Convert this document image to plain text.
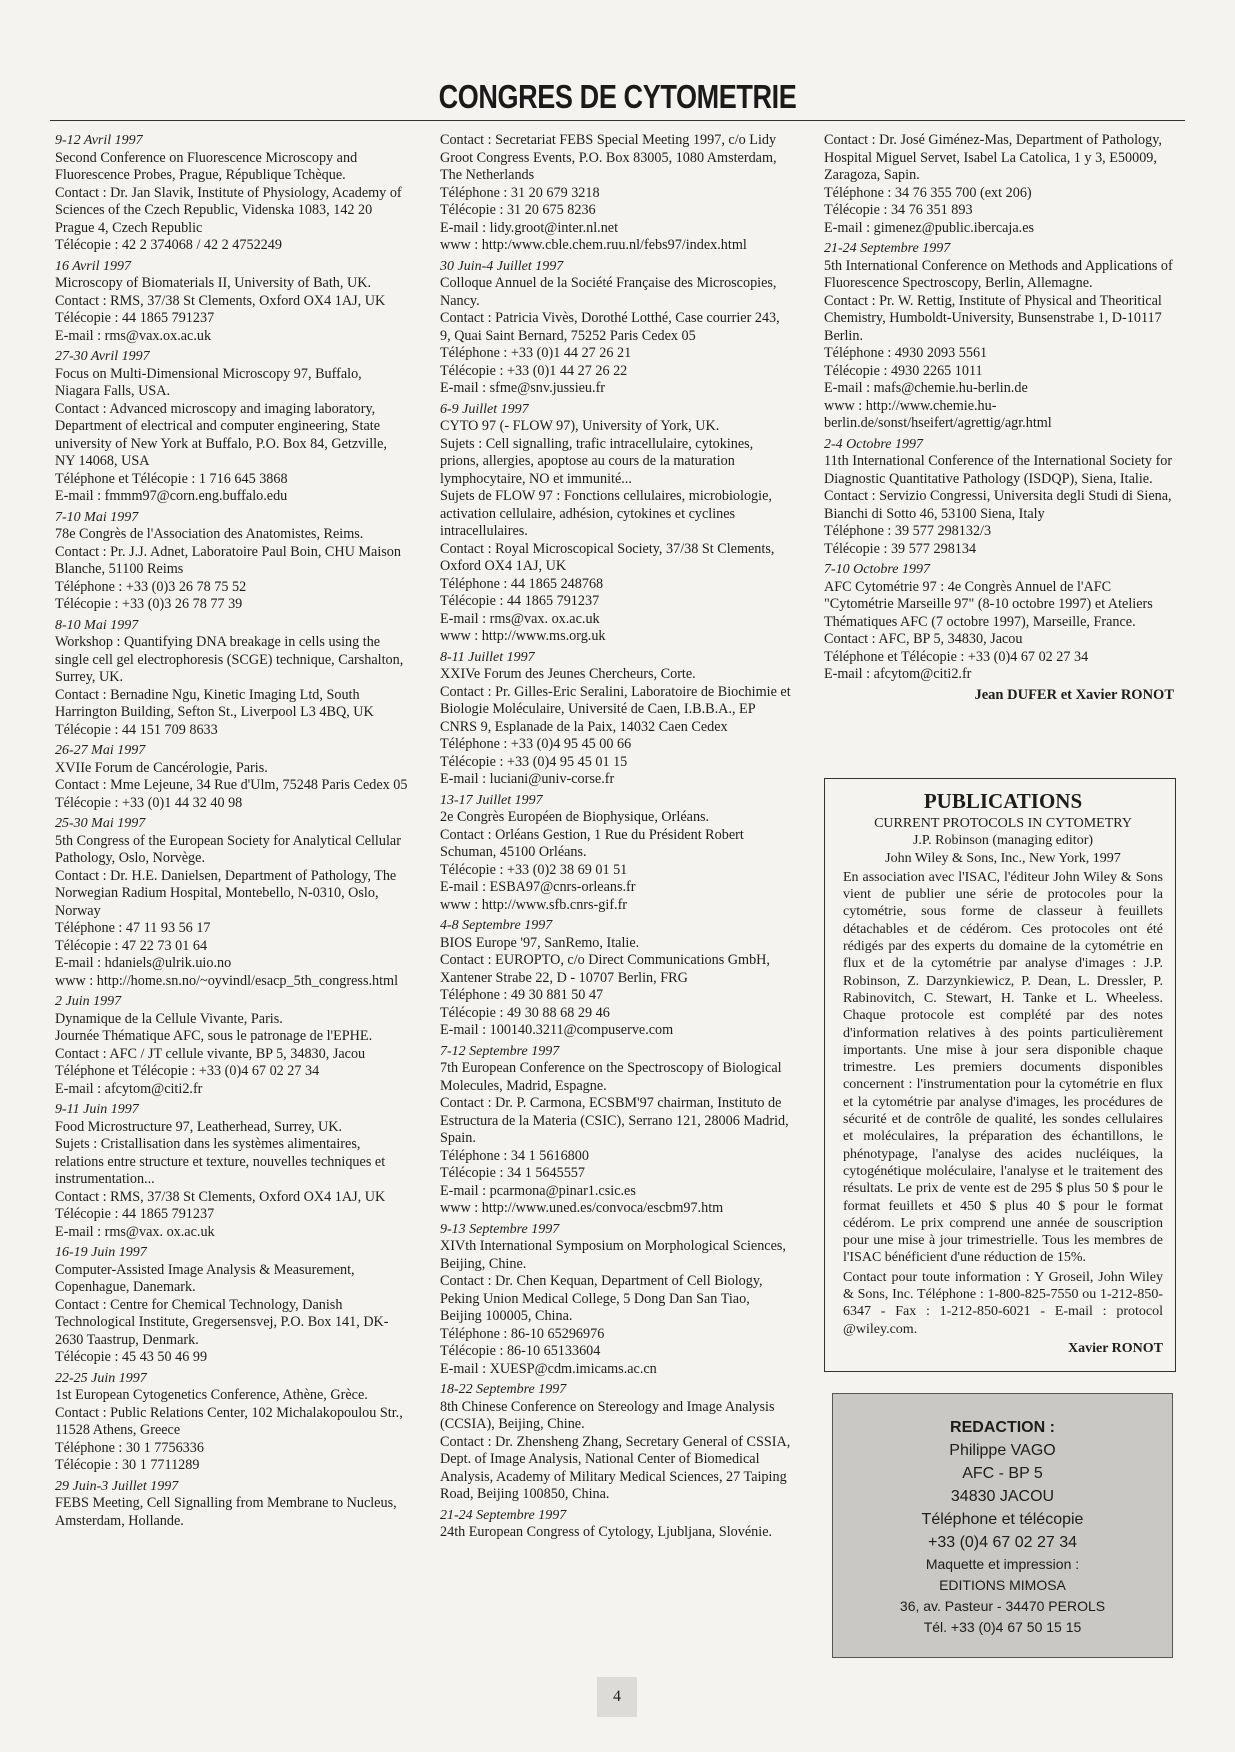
CONGRES DE CYTOMETRIE
9-12 Avril 1997
Second Conference on Fluorescence Microscopy and Fluorescence Probes, Prague, République Tchèque.
Contact : Dr. Jan Slavik, Institute of Physiology, Academy of Sciences of the Czech Republic, Videnska 1083, 142 20 Prague 4, Czech Republic
Télécopie : 42 2 374068 / 42 2 4752249
16 Avril 1997
Microscopy of Biomaterials II, University of Bath, UK.
Contact : RMS, 37/38 St Clements, Oxford OX4 1AJ, UK
Télécopie : 44 1865 791237
E-mail : rms@vax.ox.ac.uk
27-30 Avril 1997
Focus on Multi-Dimensional Microscopy 97, Buffalo, Niagara Falls, USA.
Contact : Advanced microscopy and imaging laboratory, Department of electrical and computer engineering, State university of New York at Buffalo, P.O. Box 84, Getzville, NY 14068, USA
Téléphone et Télécopie : 1 716 645 3868
E-mail : fmmm97@corn.eng.buffalo.edu
7-10 Mai 1997
78e Congrès de l'Association des Anatomistes, Reims.
Contact : Pr. J.J. Adnet, Laboratoire Paul Boin, CHU Maison Blanche, 51100 Reims
Téléphone : +33 (0)3 26 78 75 52
Télécopie : +33 (0)3 26 78 77 39
8-10 Mai 1997
Workshop : Quantifying DNA breakage in cells using the single cell gel electrophoresis (SCGE) technique, Carshalton, Surrey, UK.
Contact : Bernadine Ngu, Kinetic Imaging Ltd, South Harrington Building, Sefton St., Liverpool L3 4BQ, UK
Télécopie : 44 151 709 8633
26-27 Mai 1997
XVIIe Forum de Cancérologie, Paris.
Contact : Mme Lejeune, 34 Rue d'Ulm, 75248 Paris Cedex 05
Télécopie : +33 (0)1 44 32 40 98
25-30 Mai 1997
5th Congress of the European Society for Analytical Cellular Pathology, Oslo, Norvège.
Contact : Dr. H.E. Danielsen, Department of Pathology, The Norwegian Radium Hospital, Montebello, N-0310, Oslo, Norway
Téléphone : 47 11 93 56 17
Télécopie : 47 22 73 01 64
E-mail : hdaniels@ulrik.uio.no
www : http://home.sn.no/~oyvindl/esacp_5th_congress.html
2 Juin 1997
Dynamique de la Cellule Vivante, Paris.
Journée Thématique AFC, sous le patronage de l'EPHE.
Contact : AFC / JT cellule vivante, BP 5, 34830, Jacou
Téléphone et Télécopie : +33 (0)4 67 02 27 34
E-mail : afcytom@citi2.fr
9-11 Juin 1997
Food Microstructure 97, Leatherhead, Surrey, UK.
Sujets : Cristallisation dans les systèmes alimentaires, relations entre structure et texture, nouvelles techniques et instrumentation...
Contact : RMS, 37/38 St Clements, Oxford OX4 1AJ, UK
Télécopie : 44 1865 791237
E-mail : rms@vax. ox.ac.uk
16-19 Juin 1997
Computer-Assisted Image Analysis & Measurement, Copenhague, Danemark.
Contact : Centre for Chemical Technology, Danish Technological Institute, Gregersensvej, P.O. Box 141, DK-2630 Taastrup, Denmark.
Télécopie : 45 43 50 46 99
22-25 Juin 1997
1st European Cytogenetics Conference, Athène, Grèce.
Contact : Public Relations Center, 102 Michalakopoulou Str., 11528 Athens, Greece
Téléphone : 30 1 7756336
Télécopie : 30 1 7711289
29 Juin-3 Juillet 1997
FEBS Meeting, Cell Signalling from Membrane to Nucleus, Amsterdam, Hollande.
Contact : Secretariat FEBS Special Meeting 1997, c/o Lidy Groot Congress Events, P.O. Box 83005, 1080 Amsterdam, The Netherlands
Téléphone : 31 20 679 3218
Télécopie : 31 20 675 8236
E-mail : lidy.groot@inter.nl.net
www : http:/www.cble.chem.ruu.nl/febs97/index.html
30 Juin-4 Juillet 1997
Colloque Annuel de la Société Française des Microscopies, Nancy.
Contact : Patricia Vivès, Dorothé Lotthé, Case courrier 243, 9, Quai Saint Bernard, 75252 Paris Cedex 05
Téléphone : +33 (0)1 44 27 26 21
Télécopie : +33 (0)1 44 27 26 22
E-mail : sfme@snv.jussieu.fr
6-9 Juillet 1997
CYTO 97 (- FLOW 97), University of York, UK.
Sujets : Cell signalling, trafic intracellulaire, cytokines, prions, allergies, apoptose au cours de la maturation lymphocytaire, NO et immunité...
Sujets de FLOW 97 : Fonctions cellulaires, microbiologie, activation cellulaire, adhésion, cytokines et cyclines intracellulaires.
Contact : Royal Microscopical Society, 37/38 St Clements, Oxford OX4 1AJ, UK
Téléphone : 44 1865 248768
Télécopie : 44 1865 791237
E-mail : rms@vax. ox.ac.uk
www : http://www.ms.org.uk
8-11 Juillet 1997
XXIVe Forum des Jeunes Chercheurs, Corte.
Contact : Pr. Gilles-Eric Seralini, Laboratoire de Biochimie et Biologie Moléculaire, Université de Caen, I.B.B.A., EP CNRS 9, Esplanade de la Paix, 14032 Caen Cedex
Téléphone : +33 (0)4 95 45 00 66
Télécopie : +33 (0)4 95 45 01 15
E-mail : luciani@univ-corse.fr
13-17 Juillet 1997
2e Congrès Européen de Biophysique, Orléans.
Contact : Orléans Gestion, 1 Rue du Président Robert Schuman, 45100 Orléans.
Télécopie : +33 (0)2 38 69 01 51
E-mail : ESBA97@cnrs-orleans.fr
www : http://www.sfb.cnrs-gif.fr
4-8 Septembre 1997
BIOS Europe '97, SanRemo, Italie.
Contact : EUROPTO, c/o Direct Communications GmbH, Xantener Strabe 22, D - 10707 Berlin, FRG
Téléphone : 49 30 881 50 47
Télécopie : 49 30 88 68 29 46
E-mail : 100140.3211@compuserve.com
7-12 Septembre 1997
7th European Conference on the Spectroscopy of Biological Molecules, Madrid, Espagne.
Contact : Dr. P. Carmona, ECSBM'97 chairman, Instituto de Estructura de la Materia (CSIC), Serrano 121, 28006 Madrid, Spain.
Téléphone : 34 1 5616800
Télécopie : 34 1 5645557
E-mail : pcarmona@pinar1.csic.es
www : http://www.uned.es/convoca/escbm97.htm
9-13 Septembre 1997
XIVth International Symposium on Morphological Sciences, Beijing, Chine.
Contact : Dr. Chen Kequan, Department of Cell Biology, Peking Union Medical College, 5 Dong Dan San Tiao, Beijing 100005, China.
Téléphone : 86-10 65296976
Télécopie : 86-10 65133604
E-mail : XUESP@cdm.imicams.ac.cn
18-22 Septembre 1997
8th Chinese Conference on Stereology and Image Analysis (CCSIA), Beijing, Chine.
Contact : Dr. Zhensheng Zhang, Secretary General of CSSIA, Dept. of Image Analysis, National Center of Biomedical Analysis, Academy of Military Medical Sciences, 27 Taiping Road, Beijing 100850, China.
21-24 Septembre 1997
24th European Congress of Cytology, Ljubljana, Slovénie.
Contact : Dr. José Giménez-Mas, Department of Pathology, Hospital Miguel Servet, Isabel La Catolica, 1 y 3, E50009, Zaragoza, Sapin.
Téléphone : 34 76 355 700 (ext 206)
Télécopie : 34 76 351 893
E-mail : gimenez@public.ibercaja.es
21-24 Septembre 1997
5th International Conference on Methods and Applications of Fluorescence Spectroscopy, Berlin, Allemagne.
Contact : Pr. W. Rettig, Institute of Physical and Theoritical Chemistry, Humboldt-University, Bunsenstrabe 1, D-10117 Berlin.
Téléphone : 4930 2093 5561
Télécopie : 4930 2265 1011
E-mail : mafs@chemie.hu-berlin.de
www : http://www.chemie.hu-berlin.de/sonst/hseifert/agrettig/agr.html
2-4 Octobre 1997
11th International Conference of the International Society for Diagnostic Quantitative Pathology (ISDQP), Siena, Italie.
Contact : Servizio Congressi, Universita degli Studi di Siena, Bianchi di Sotto 46, 53100 Siena, Italy
Téléphone : 39 577 298132/3
Télécopie : 39 577 298134
7-10 Octobre 1997
AFC Cytométrie 97 : 4e Congrès Annuel de l'AFC "Cytométrie Marseille 97" (8-10 octobre 1997) et Ateliers Thématiques AFC (7 octobre 1997), Marseille, France.
Contact : AFC, BP 5, 34830, Jacou
Téléphone et Télécopie : +33 (0)4 67 02 27 34
E-mail : afcytom@citi2.fr
Jean DUFER et Xavier RONOT
PUBLICATIONS
CURRENT PROTOCOLS IN CYTOMETRY
J.P. Robinson (managing editor)
John Wiley & Sons, Inc., New York, 1997
En association avec l'ISAC, l'éditeur John Wiley & Sons vient de publier une série de protocoles pour la cytométrie, sous forme de classeur à feuillets détachables et de cédérom. Ces protocoles ont été rédigés par des experts du domaine de la cytométrie en flux et de la cytométrie par analyse d'images : J.P. Robinson, Z. Darzynkiewicz, P. Dean, L. Dressler, P. Rabinovitch, C. Stewart, H. Tanke et L. Wheeless. Chaque protocole est complété par des notes d'information relatives à des points particulièrement importants. Une mise à jour sera disponible chaque trimestre. Les premiers documents disponibles concernent : l'instrumentation pour la cytométrie en flux et la cytométrie par analyse d'images, les procédures de sécurité et de contrôle de qualité, les sondes cellulaires et moléculaires, la préparation des échantillons, le phénotypage, l'analyse des acides nucléiques, la cytogénétique moléculaire, l'analyse et le traitement des résultats. Le prix de vente est de 295 $ plus 50 $ pour le format feuillets et 450 $ plus 40 $ pour le format cédérom. Le prix comprend une année de souscription pour une mise à jour trimestrielle. Tous les membres de l'ISAC bénéficient d'une réduction de 15%.
Contact pour toute information : Y Groseil, John Wiley & Sons, Inc. Téléphone : 1-800-825-7550 ou 1-212-850-6347 - Fax : 1-212-850-6021 - E-mail : protocol @wiley.com.
Xavier RONOT
REDACTION :
Philippe VAGO
AFC - BP 5
34830 JACOU
Téléphone et télécopie
+33 (0)4 67 02 27 34
Maquette et impression :
EDITIONS MIMOSA
36, av. Pasteur - 34470 PEROLS
Tél. +33 (0)4 67 50 15 15
4
